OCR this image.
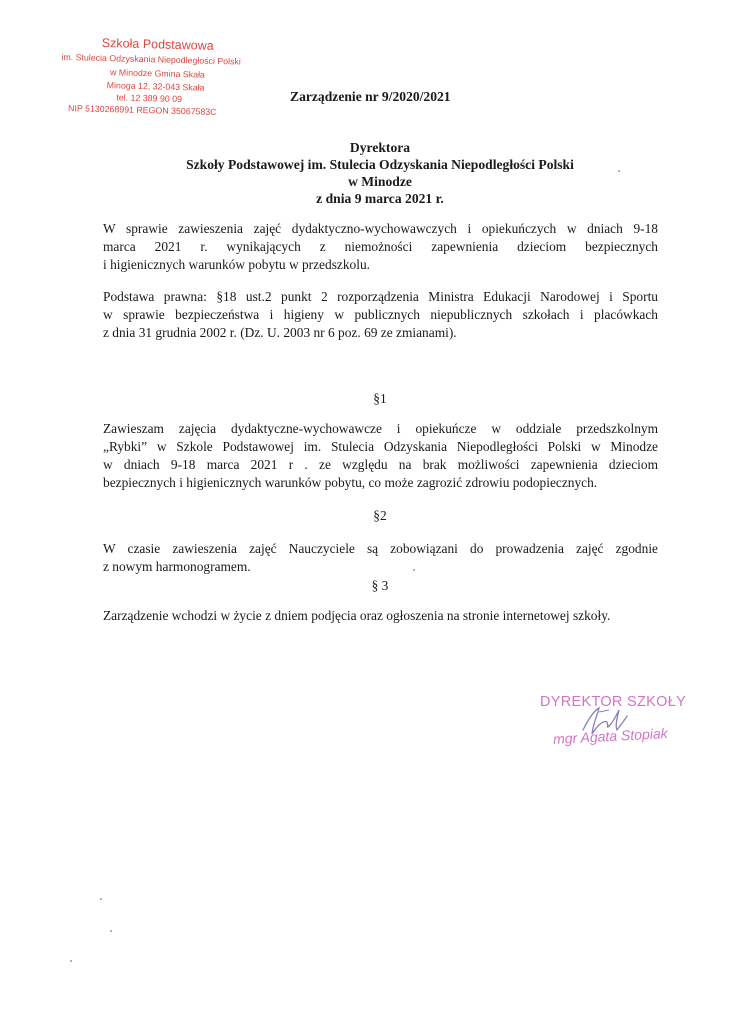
Szkoła Podstawowa
im. Stulecia Odzyskania Niepodległości Polski
w Minodze Gmina Skała
Minoga 12, 32-043 Skała
tel. 12 389 90 09
NIP 5130268991 REGON 35067583C
Zarządzenie nr 9/2020/2021
Dyrektora
Szkoły Podstawowej im. Stulecia Odzyskania Niepodległości Polski
w Minodze
z dnia 9 marca 2021 r.
W sprawie zawieszenia zajęć dydaktyczno-wychowawczych i opiekuńczych w dniach 9-18
marca 2021 r. wynikających z niemożności zapewnienia dzieciom bezpiecznych
i higienicznych warunków pobytu w przedszkolu.
Podstawa prawna: §18 ust.2 punkt 2 rozporządzenia Ministra Edukacji Narodowej i Sportu
w sprawie bezpieczeństwa i higieny w publicznych niepublicznych szkołach i placówkach
z dnia 31 grudnia 2002 r. (Dz. U. 2003 nr 6 poz. 69 ze zmianami).
§1
Zawieszam zajęcia dydaktyczne-wychowawcze i opiekuńcze w oddziale przedszkolnym
„Rybki” w Szkole Podstawowej im. Stulecia Odzyskania Niepodległości Polski w Minodze
w dniach 9-18 marca 2021 r . ze względu na brak możliwości zapewnienia dzieciom
bezpiecznych i higienicznych warunków pobytu, co może zagrozić zdrowiu podopiecznych.
§2
W czasie zawieszenia zajęć Nauczyciele są zobowiązani do prowadzenia zajęć zgodnie
z nowym harmonogramem.
§ 3
Zarządzenie wchodzi w życie z dniem podjęcia oraz ogłoszenia na stronie internetowej szkoły.
DYREKTOR SZKOŁY
mgr Agata Stopiak
